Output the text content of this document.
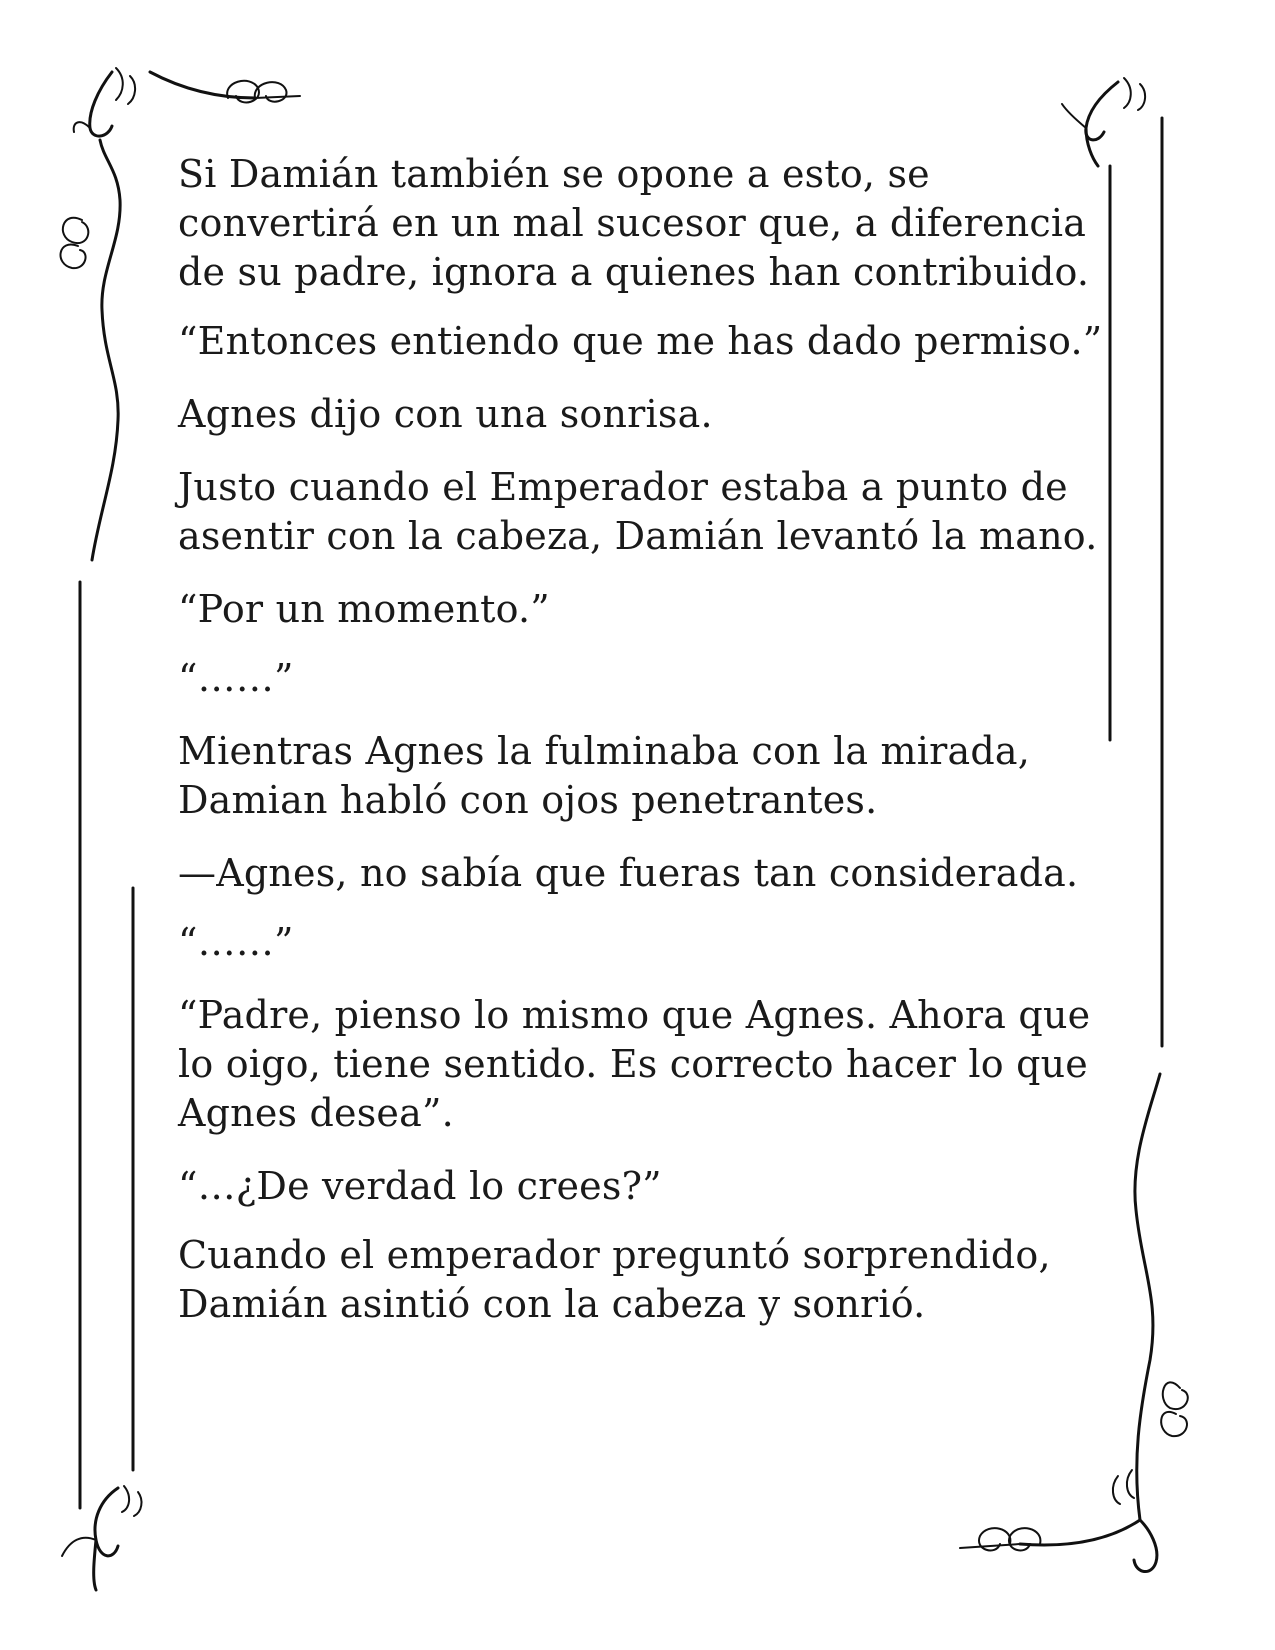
Si Damián también se opone a esto, se
convertirá en un mal sucesor que, a diferencia
de su padre, ignora a quienes han contribuido.

“Entonces entiendo que me has dado permiso.”

Agnes dijo con una sonrisa.

Justo cuando el Emperador estaba a punto de
asentir con la cabeza, Damián levantó la mano.

“Por un momento.”

“……”

Mientras Agnes la fulminaba con la mirada,
Damian habló con ojos penetrantes.

—Agnes, no sabía que fueras tan considerada.

“……”

“Padre, pienso lo mismo que Agnes. Ahora que
lo oigo, tiene sentido. Es correcto hacer lo que
Agnes desea”.

“…¿De verdad lo crees?”

Cuando el emperador preguntó sorprendido,
Damián asintió con la cabeza y sonrió.
